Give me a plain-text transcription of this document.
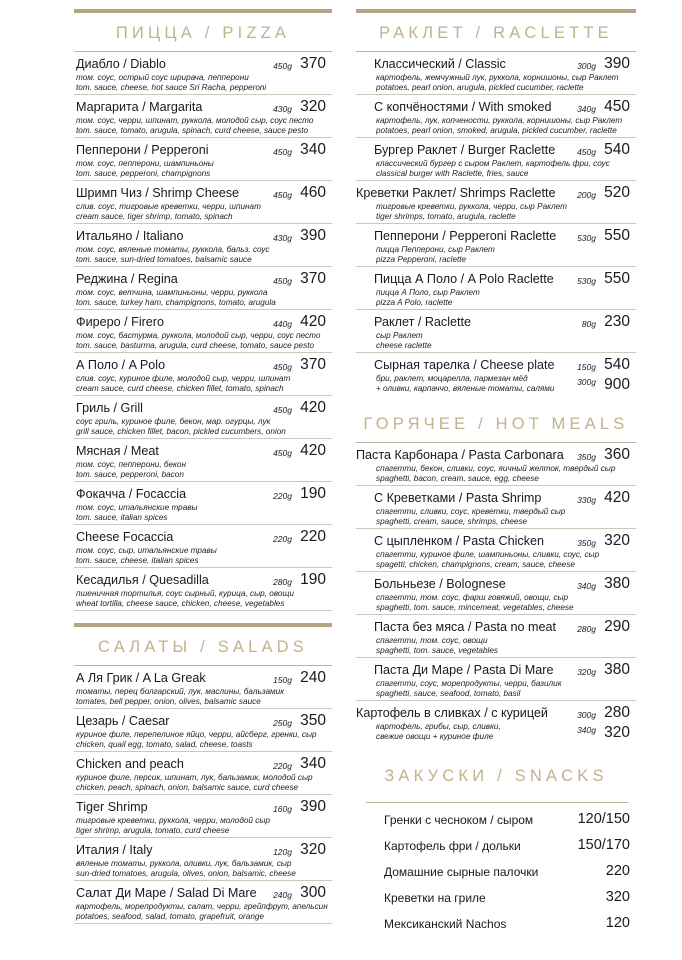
ПИЦЦА / PIZZA
Диабло / Diablo	450g 370
том. соус, острый соус шрирача, пепперони
tom. sauce, cheese, hot sauce Sri Racha, pepperoni
Маргарита / Margarita	430g 320
том. соус, черри, шпинат, руккола, молодой сыр, соус песто
tom. sauce, tomato, arugula, spinach, curd cheese, sauce pesto
Пепперони / Pepperoni	450g 340
том. соус, пепперони, шампиньоны
tom. sauce, pepperoni, champignons
Шримп Чиз / Shrimp Cheese	450g 460
слив. соус, тигровые креветки, черри, шпинат
cream sauce, tiger shrimp, tomato, spinach
Итальяно / Italiano	430g 390
том. соус, вяленые томаты, руккола, бальз. соус
tom. sauce, sun-dried tomatoes, balsamic sauce
Реджина / Regina	450g 370
том. соус, ветчина, шампиньоны, черри, руккола
tom. sauce, turkey ham, champignons, tomato, arugula
Фиреро / Firero	440g 420
том. соус, бастурма, руккола, молодой сыр, черри, соус песто
tom. sauce, basturma, arugula, curd cheese, tomato, sauce pesto
А Поло / A Polo	450g 370
слив. соус, куриное филе, молодой сыр, черри, шпинат
cream sauce, curd cheese, chicken fillet, tomato, spinach
Гриль / Grill	450g 420
соус гриль, куриное филе, бекон, мар. огурцы, лук
grill sauce, chicken fillet, bacon, pickled cucumbers, onion
Мясная / Meat	450g 420
том. соус, пепперони, бекон
tom. sauce, pepperoni, bacon
Фокачча / Focaccia	220g 190
том. соус, итальянские травы
tom. sauce, italian spices
Cheese Focaccia	220g 220
том. соус, сыр, итальянские травы
tom. sauce, cheese, italian spices
Кесадилья / Quesadilla	280g 190
пшеничная тортилья, соус сырный, курица, сыр, овощи
wheat tortilla, cheese sauce, chicken, cheese, vegetables
САЛАТЫ / SALADS
А Ля Грик / A La Greak	150g 240
томаты, перец болгарский, лук, маслины, бальзамик
tomates, bell pepper, onion, olives, balsamic sauce
Цезарь / Caesar	250g 350
куриное филе, перепелиное яйцо, черри, айсберг, гренки, сыр
chicken, quail egg, tomato, salad, cheese, toasts
Chicken and peach	220g 340
куриное филе, персик, шпинат, лук, бальзамик, молодой сыр
chicken, peach, spinach, onion, balsamic sauce, curd cheese
Tiger Shrimp	160g 390
тигровые креветки, руккола, черри, молодой сыр
tiger shrimp, arugula, tomato, curd cheese
Италия / Italy	120g 320
вяленые томаты, руккола, оливки, лук, бальзамик, сыр
sun-dried tomatoes, arugula, olives, onion, balsamic, cheese
Салат Ди Маре / Salad Di Mare 240g 300
картофель, морепродукты, салат, черри, грейпфрут, апельсин
potatoes, seafood, salad, tomato, grapefruit, orange
РАКЛЕТ / RACLETTE
Классический / Classic	300g 390
картофель, жемчужный лук, руккола, корнишоны, сыр Раклет
potatoes, pearl onion, arugula, pickled cucumber, raclette
С копчёностями / With smoked	340g 450
картофель, лук, копчености, руккола, корнишоны, сыр Раклет
potatoes, pearl onion, smoked, arugula, pickled cucumber, raclette
Бургер Раклет / Burger Raclette	450g 540
классический бургер с сыром Раклет, картофель фри, соус
classical burger with Raclette, fries, sauce
Креветки Раклет/ Shrimps Raclette	200g 520
тигровые креветки, руккола, черри, сыр Раклет
tiger shrimps, tomato, arugula, raclette
Пепперони / Pepperoni Raclette 530g 550
пицца Пепперони, сыр Раклет
pizza Pepperoni, raclette
Пицца А Поло / A Polo Raclette	530g 550
пицца А Поло, сыр Раклет
pizza A Polo, raclette
Раклет / Raclette	80g 230
сыр Раклет
cheese raclette
Сырная тарелка / Cheese plate	150g 540
300g 900
бри, раклет, моцарелла, пармезан мёд
+ оливки, карпаччо, вяленые томаты, салями
ГОРЯЧЕЕ / HOT MEALS
Паста Карбонара / Pasta Carbonara 350g 360
спагетти, бекон, сливки, соус, яичный желток, твердый сыр
spaghetti, bacon, cream, sauce, egg, cheese
С Креветками / Pasta Shrimp	330g 420
спагетти, сливки, соус, креветки, твердый сыр
spaghetti, cream, sauce, shrimps, cheese
С цыпленком / Pasta Chicken	350g 320
спагетти, куриное филе, шампиньоны, сливки, соус, сыр
spagetti, chicken, champignons, cream, sauce, cheese
Больньезе / Bolognese	340g 380
спагетти, том. соус, фарш говяжий, овощи, сыр
spaghetti, tom. sauce, mincemeat, vegetables, cheese
Паста без мяса / Pasta no meat 280g 290
спагетти, том. соус, овощи
spaghetti, tom. sauce, vegetables
Паста Ди Маре / Pasta Di Mare	320g 380
спагетти, соус, морепродукты, черри, базилик
spaghetti, sauce, seafood, tomato, basil
Картофель в сливках / с курицей	300g 280
340g 320
картофель, грибы, сыр, сливки,
свежие овощи + куриное филе
ЗАКУСКИ / SNACKS
Гренки с чесноком / сыром	120/150
Картофель фри / дольки	150/170
Домашние сырные палочки	220
Креветки на гриле	320
Мексиканский Nachos	120
